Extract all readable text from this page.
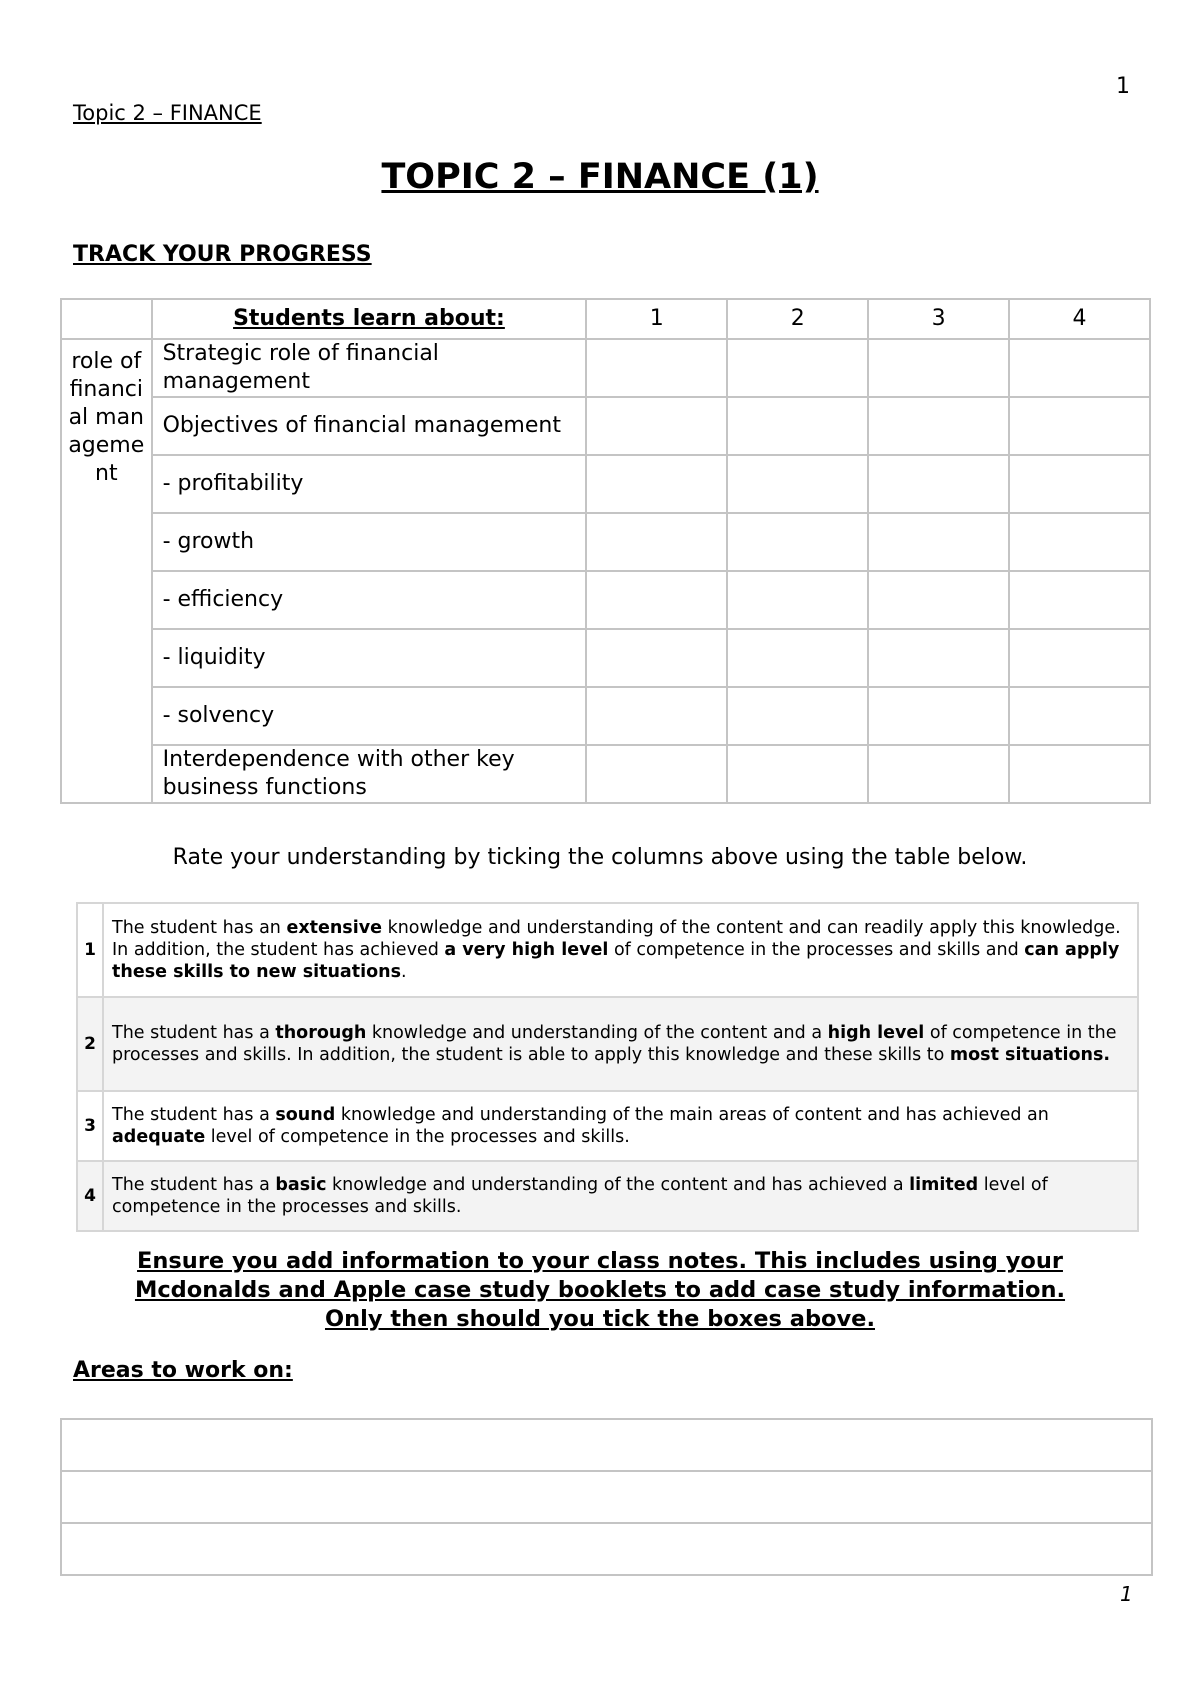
1
Topic 2 – FINANCE
TOPIC 2 – FINANCE (1)
TRACK YOUR PROGRESS
	Students learn about:	1	2	3	4
role of financial management	Strategic role of financial management				
	Objectives of financial management				
	- profitability				
	- growth				
	- efficiency				
	- liquidity				
	- solvency				
	Interdependence with other key business functions				
Rate your understanding by ticking the columns above using the table below.
1	The student has an extensive knowledge and understanding of the content and can readily apply this knowledge. In addition, the student has achieved a very high level of competence in the processes and skills and can apply these skills to new situations.
2	The student has a thorough knowledge and understanding of the content and a high level of competence in the processes and skills. In addition, the student is able to apply this knowledge and these skills to most situations.
3	The student has a sound knowledge and understanding of the main areas of content and has achieved an adequate level of competence in the processes and skills.
4	The student has a basic knowledge and understanding of the content and has achieved a limited level of competence in the processes and skills.
Ensure you add information to your class notes. This includes using your
Mcdonalds and Apple case study booklets to add case study information.
Only then should you tick the boxes above.
Areas to work on:
1
